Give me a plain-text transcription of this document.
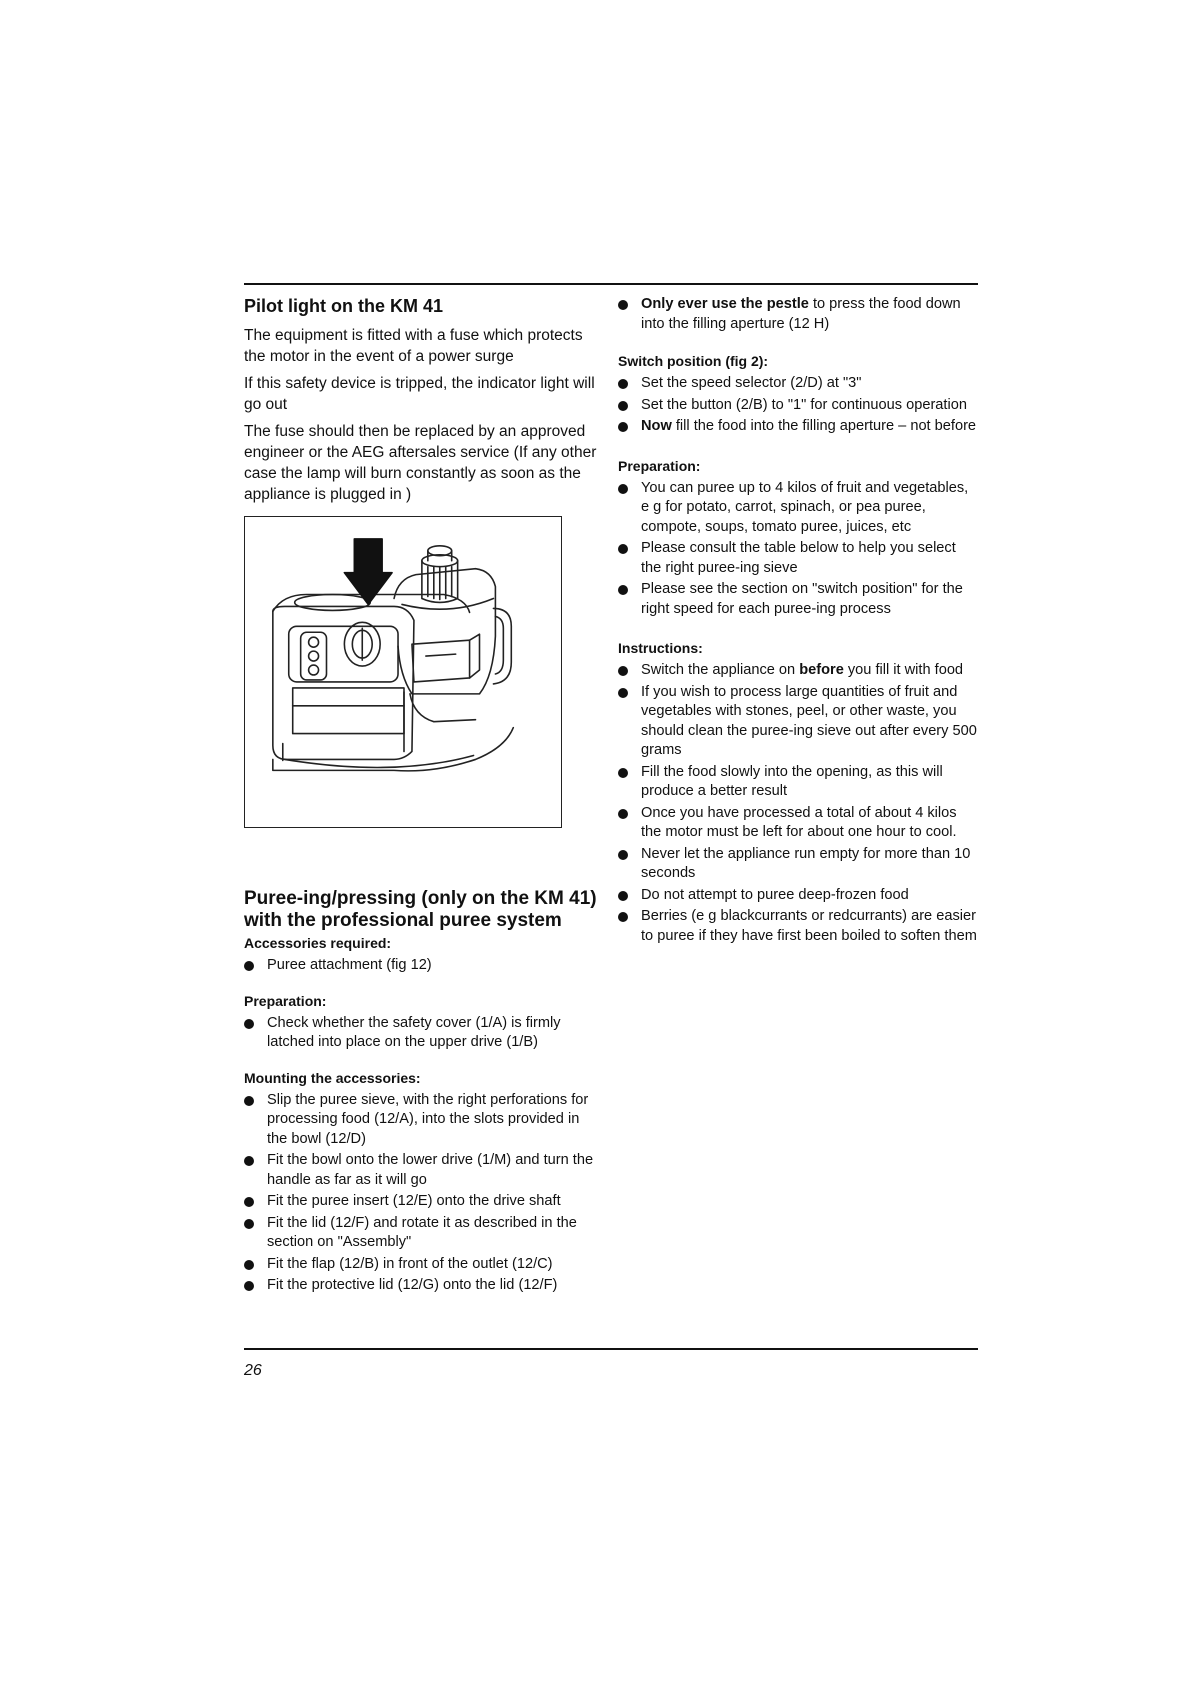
Pilot light on the KM 41

The equipment is fitted with a fuse which protects the motor in the event of a power surge

If this safety device is tripped, the indicator light will go out

The fuse should then be replaced by an approved engineer or the AEG aftersales service (If any other case the lamp will burn constantly as soon as the appliance is plugged in )

Puree-ing/pressing (only on the KM 41) with the professional puree system
Accessories required:
Puree attachment (fig 12)
Preparation:
Check whether the safety cover (1/A) is firmly latched into place on the upper drive (1/B)
Mounting the accessories:
Slip the puree sieve, with the right perforations for processing food (12/A), into the slots provided in the bowl (12/D)
Fit the bowl onto the lower drive (1/M) and turn the handle as far as it will go
Fit the puree insert (12/E) onto the drive shaft
Fit the lid (12/F) and rotate it as described in the section on "Assembly"
Fit the flap (12/B) in front of the outlet (12/C)
Fit the protective lid (12/G) onto the lid (12/F)
Only ever use the pestle to press the food down into the filling aperture (12 H)
Switch position (fig 2):
Set the speed selector (2/D) at "3"
Set the button (2/B) to "1" for continuous operation
Now fill the food into the filling aperture – not before
Preparation:
You can puree up to 4 kilos of fruit and vegetables, e g for potato, carrot, spinach, or pea puree, compote, soups, tomato puree, juices, etc
Please consult the table below to help you select the right puree-ing sieve
Please see the section on "switch position" for the right speed for each puree-ing process
Instructions:
Switch the appliance on before you fill it with food
If you wish to process large quantities of fruit and vegetables with stones, peel, or other waste, you should clean the puree-ing sieve out after every 500 grams
Fill the food slowly into the opening, as this will produce a better result
Once you have processed a total of about 4 kilos the motor must be left for about one hour to cool.
Never let the appliance run empty for more than 10 seconds
Do not attempt to puree deep-frozen food
Berries (e g blackcurrants or redcurrants) are easier to puree if they have first been boiled to soften them
26
